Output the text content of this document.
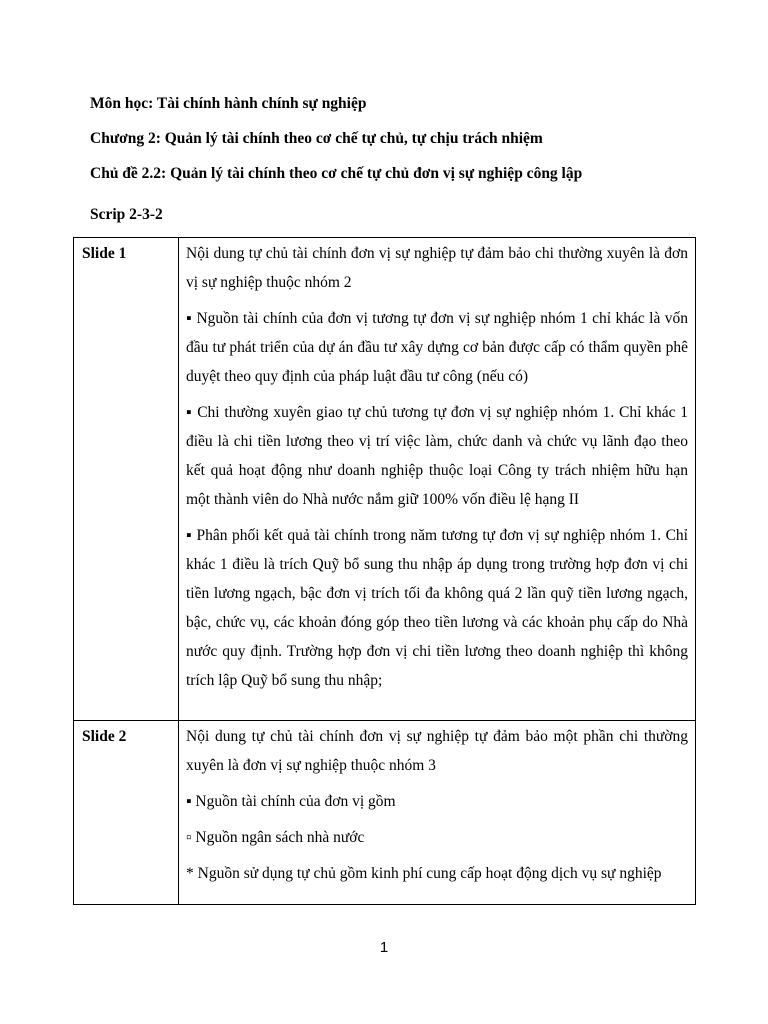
Môn học: Tài chính hành chính sự nghiệp

Chương 2: Quản lý tài chính theo cơ chế tự chủ, tự chịu trách nhiệm

Chủ đề 2.2: Quản lý tài chính theo cơ chế tự chủ đơn vị sự nghiệp công lập

Scrip 2-3-2

Slide 1	Nội dung tự chủ tài chính đơn vị sự nghiệp tự đảm bảo chi thường xuyên là đơn vị sự nghiệp thuộc nhóm 2

▪ Nguồn tài chính của đơn vị tương tự đơn vị sự nghiệp nhóm 1 chỉ khác là vốn đầu tư phát triển của dự án đầu tư xây dựng cơ bản được cấp có thẩm quyền phê duyệt theo quy định của pháp luật đầu tư công (nếu có)

▪ Chi thường xuyên giao tự chủ tương tự đơn vị sự nghiệp nhóm 1. Chỉ khác 1 điều là chi tiền lương theo vị trí việc làm, chức danh và chức vụ lãnh đạo theo kết quả hoạt động như doanh nghiệp thuộc loại Công ty trách nhiệm hữu hạn một thành viên do Nhà nước nắm giữ 100% vốn điều lệ hạng II

▪ Phân phối kết quả tài chính trong năm tương tự đơn vị sự nghiệp nhóm 1. Chỉ khác 1 điều là trích Quỹ bổ sung thu nhập áp dụng trong trường hợp đơn vị chi tiền lương ngạch, bậc đơn vị trích tối đa không quá 2 lần quỹ tiền lương ngạch, bậc, chức vụ, các khoản đóng góp theo tiền lương và các khoản phụ cấp do Nhà nước quy định. Trường hợp đơn vị chi tiền lương theo doanh nghiệp thì không trích lập Quỹ bổ sung thu nhập;

Slide 2	Nội dung tự chủ tài chính đơn vị sự nghiệp tự đảm bảo một phần chi thường xuyên là đơn vị sự nghiệp thuộc nhóm 3

▪ Nguồn tài chính của đơn vị gồm

▫ Nguồn ngân sách nhà nước

* Nguồn sử dụng tự chủ gồm kinh phí cung cấp hoạt động dịch vụ sự nghiệp

1
